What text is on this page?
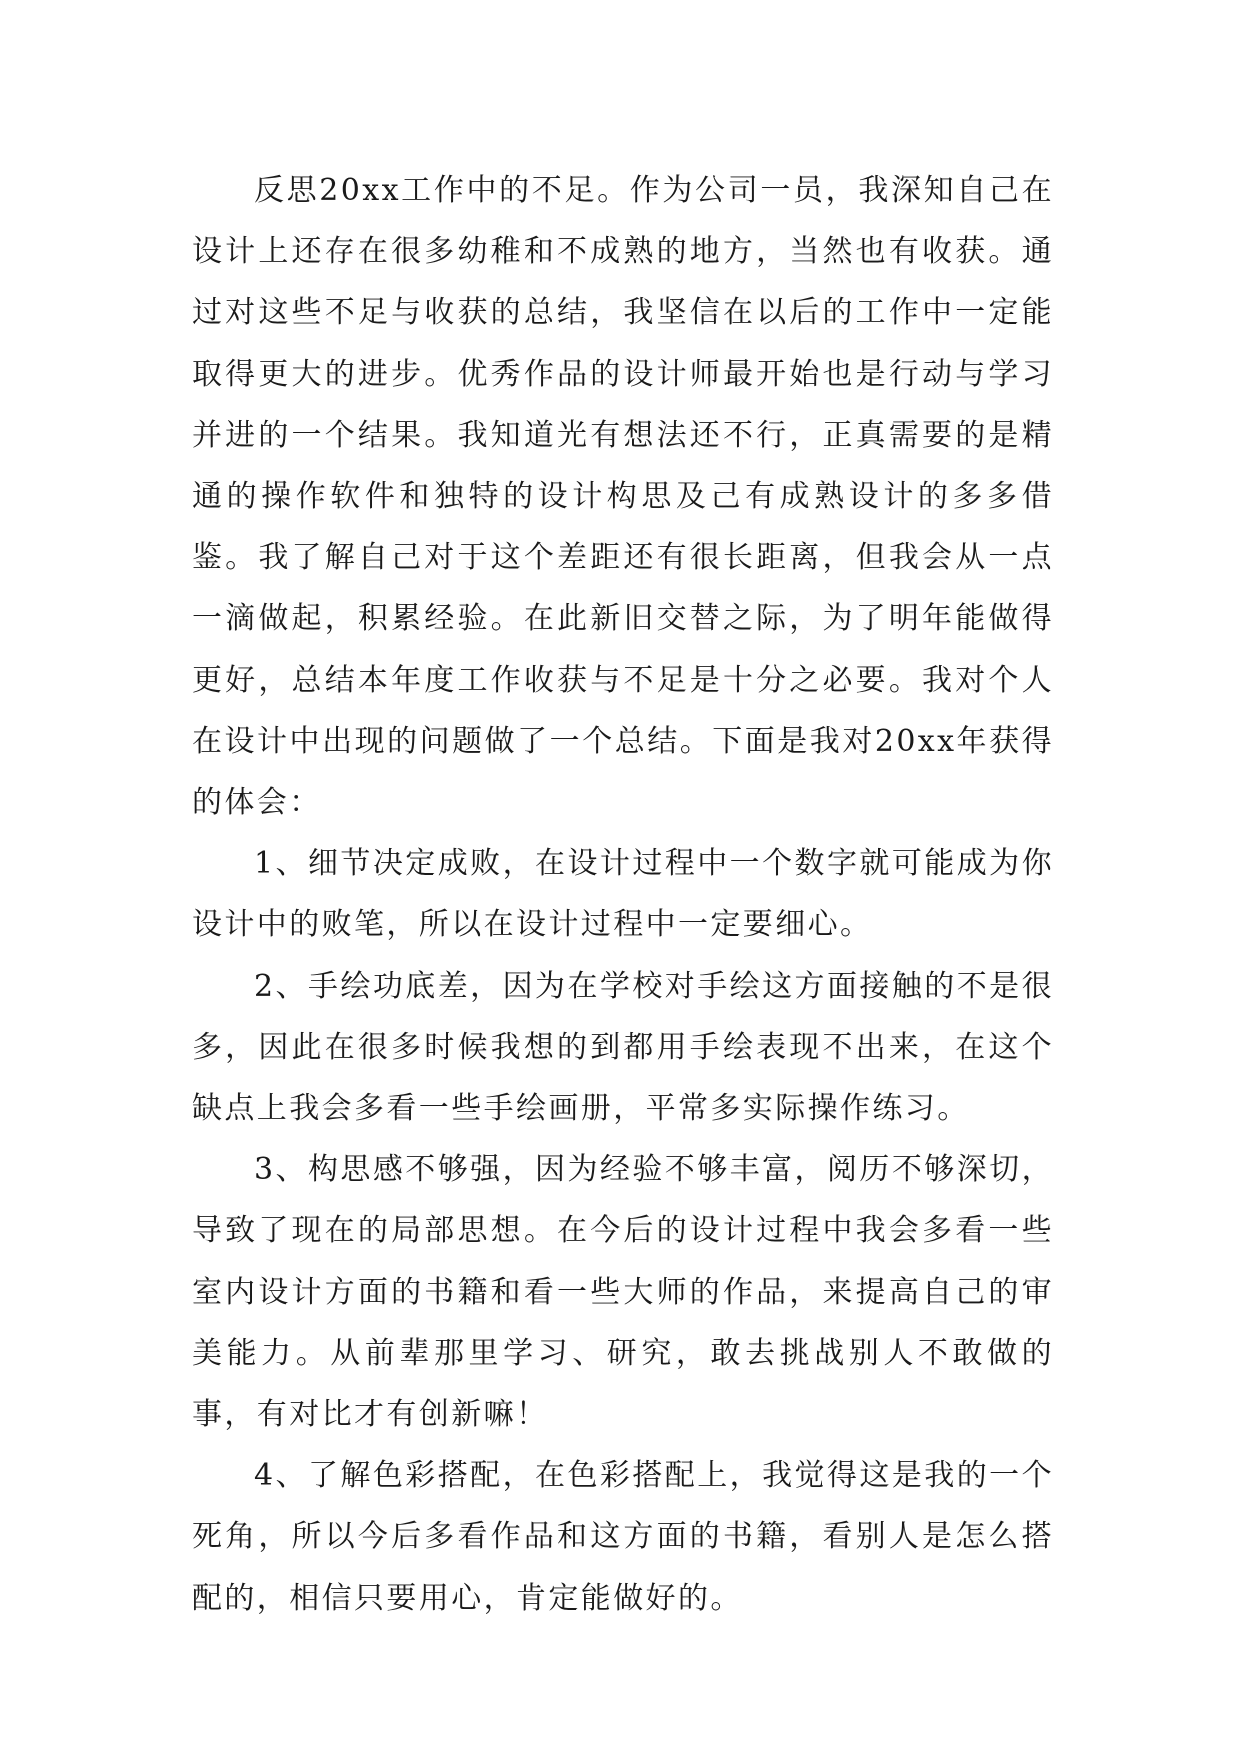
反思20xx工作中的不足。作为公司一员，我深知自己在设计上还存在很多幼稚和不成熟的地方，当然也有收获。通过对这些不足与收获的总结，我坚信在以后的工作中一定能取得更大的进步。优秀作品的设计师最开始也是行动与学习并进的一个结果。我知道光有想法还不行，正真需要的是精通的操作软件和独特的设计构思及己有成熟设计的多多借鉴。我了解自己对于这个差距还有很长距离，但我会从一点一滴做起，积累经验。在此新旧交替之际，为了明年能做得更好，总结本年度工作收获与不足是十分之必要。我对个人在设计中出现的问题做了一个总结。下面是我对20xx年获得的体会：

1、细节决定成败，在设计过程中一个数字就可能成为你设计中的败笔，所以在设计过程中一定要细心。

2、手绘功底差，因为在学校对手绘这方面接触的不是很多，因此在很多时候我想的到都用手绘表现不出来，在这个缺点上我会多看一些手绘画册，平常多实际操作练习。

3、构思感不够强，因为经验不够丰富，阅历不够深切，导致了现在的局部思想。在今后的设计过程中我会多看一些室内设计方面的书籍和看一些大师的作品，来提高自己的审美能力。从前辈那里学习、研究，敢去挑战别人不敢做的事，有对比才有创新嘛！

4、了解色彩搭配，在色彩搭配上，我觉得这是我的一个死角，所以今后多看作品和这方面的书籍，看别人是怎么搭配的，相信只要用心，肯定能做好的。
